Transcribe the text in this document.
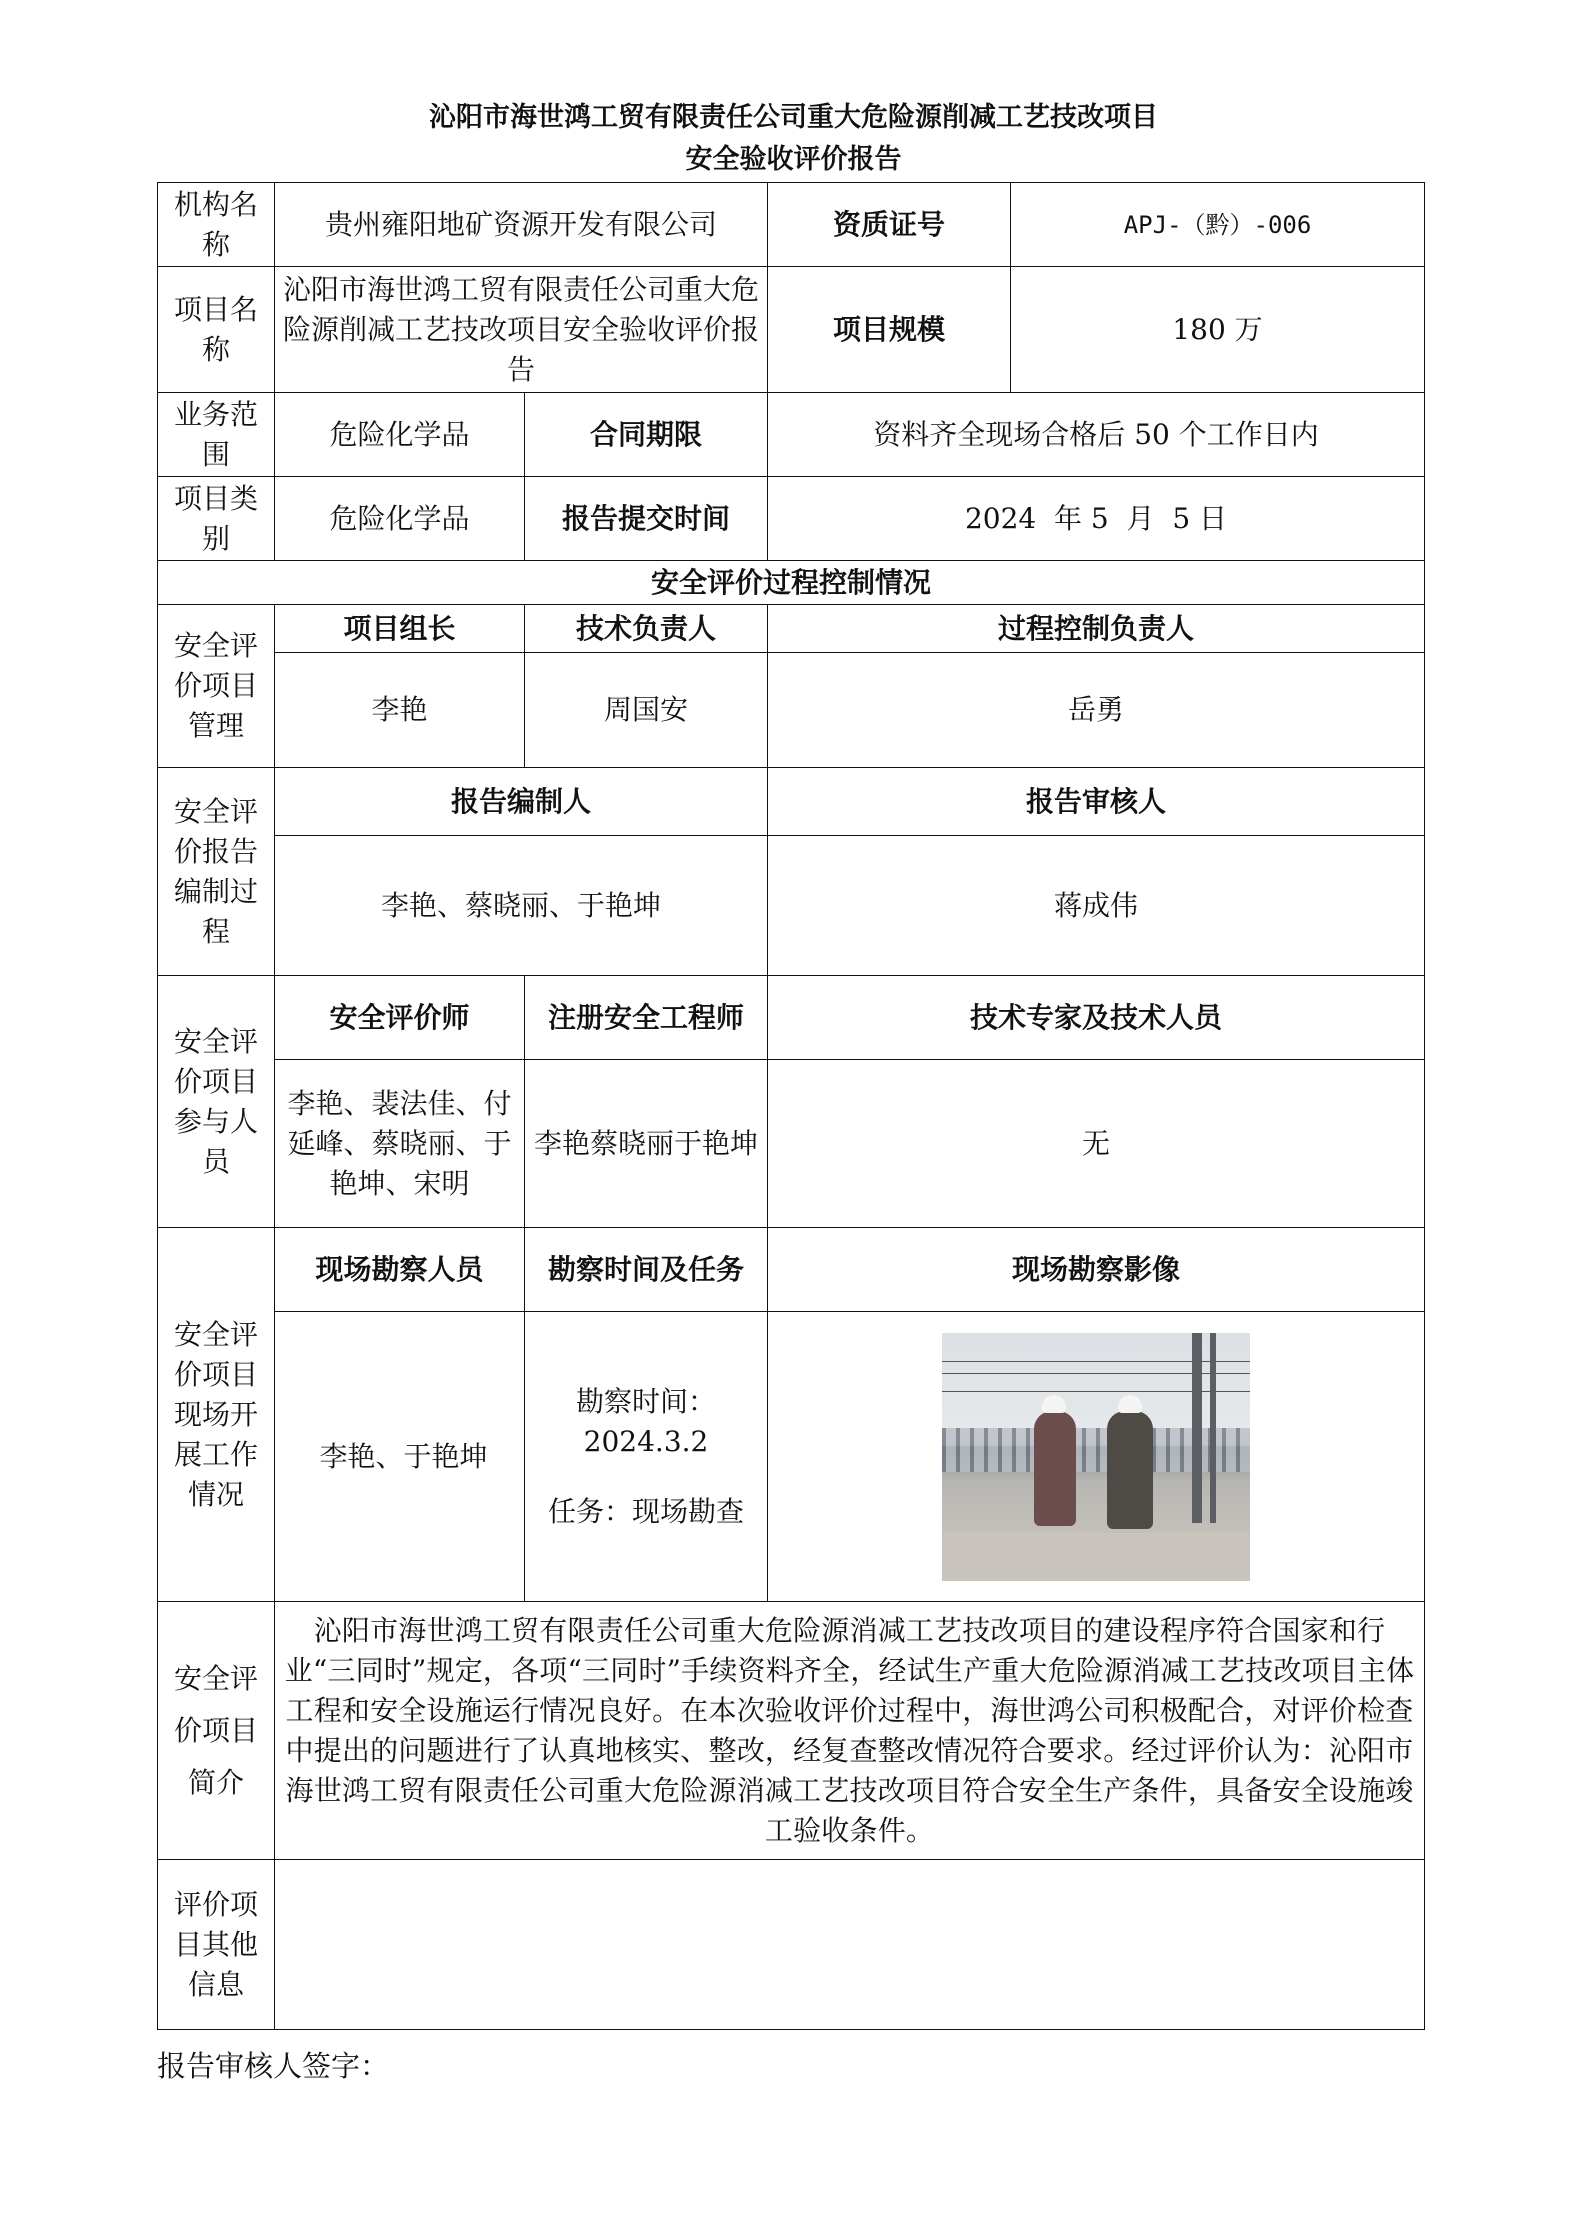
沁阳市海世鸿工贸有限责任公司重大危险源削减工艺技改项目
安全验收评价报告
机构名称	贵州雍阳地矿资源开发有限公司		资质证号	APJ-（黔）-006
项目名称	沁阳市海世鸿工贸有限责任公司重大危险源削减工艺技改项目安全验收评价报告		项目规模	180 万
业务范围	危险化学品	合同期限	资料齐全现场合格后 50 个工作日内	
项目类别	危险化学品	报告提交时间	2024  年 5  月  5 日	
安全评价过程控制情况				
安全评价项目管理	项目组长	技术负责人	过程控制负责人	
	李艳	周国安	岳勇	
安全评价报告编制过程	报告编制人		报告审核人	
	李艳、蔡晓丽、于艳坤		蒋成伟	
安全评价项目参与人员	安全评价师	注册安全工程师	技术专家及技术人员	
	李艳、裴法佳、付延峰、蔡晓丽、于艳坤、宋明	李艳蔡晓丽于艳坤	无	
安全评价项目现场开展工作情况	现场勘察人员	勘察时间及任务	现场勘察影像	
	李艳、于艳坤	勘察时间：
2024.3.2
任务：现场勘查		

安全评价项目简介	沁阳市海世鸿工贸有限责任公司重大危险源消减工艺技改项目的建设程序符合国家和行业“三同时”规定，各项“三同时”手续资料齐全，经试生产重大危险源消减工艺技改项目主体工程和安全设施运行情况良好。在本次验收评价过程中，海世鸿公司积极配合，对评价检查中提出的问题进行了认真地核实、整改，经复查整改情况符合要求。经过评价认为：沁阳市海世鸿工贸有限责任公司重大危险源消减工艺技改项目符合安全生产条件，具备安全设施竣工验收条件。			
评价项目其他信息				
报告审核人签字：
